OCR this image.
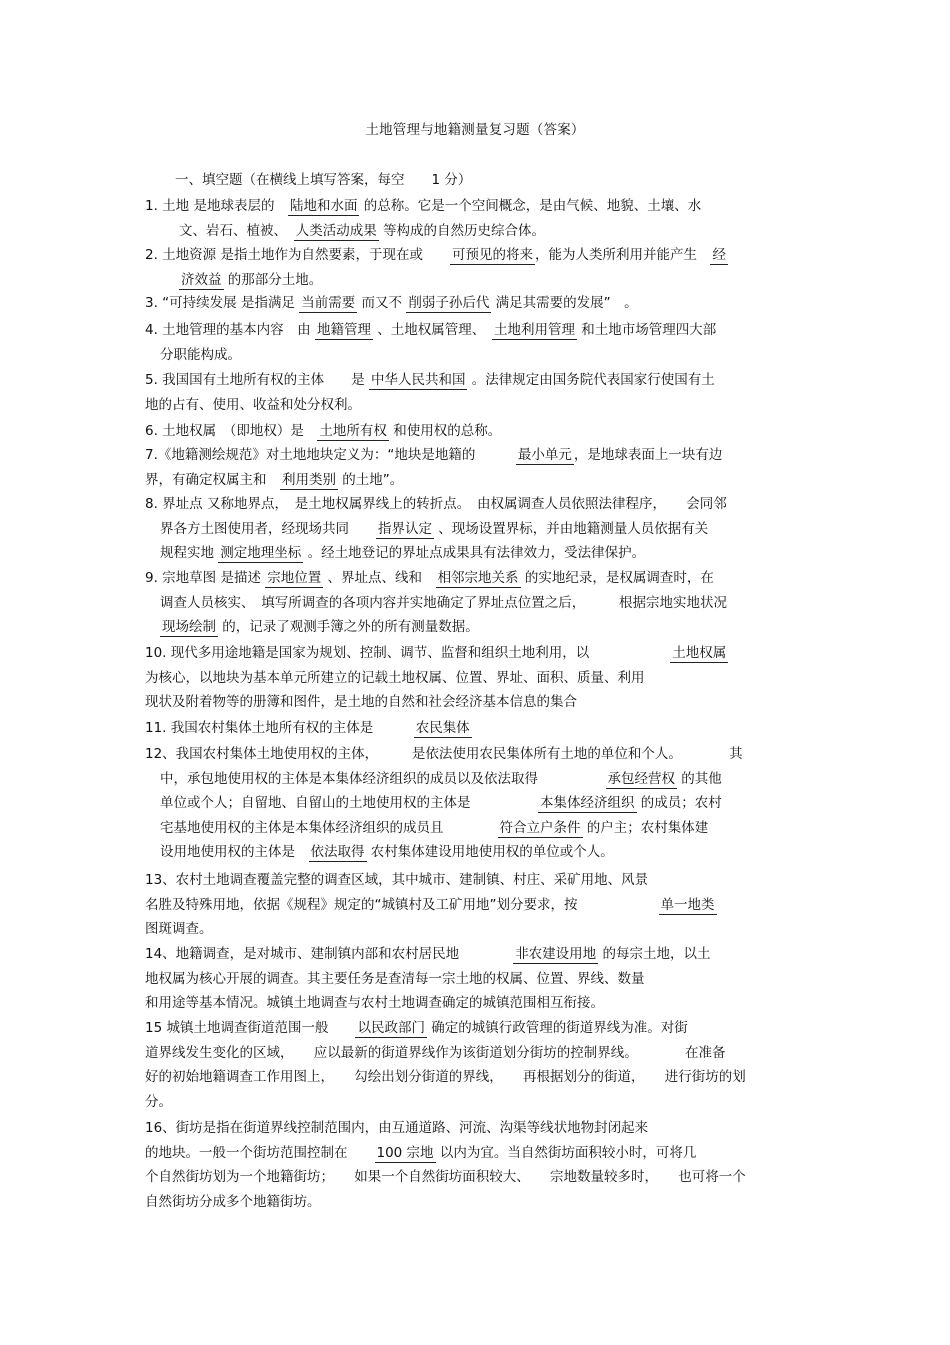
土地管理与地籍测量复习题（答案）
一、填空题（在横线上填写答案，每空　　1 分）
1. 土地 是地球表层的　陆地和水面 的总称。它是一个空间概念，是由气候、地貌、土壤、水
文、岩石、植被、　人类活动成果 等构成的自然历史综合体。
2. 土地资源 是指土地作为自然要素，于现在或　　可预见的将来 ，能为人类所利用并能产生　经
济效益 的那部分土地。
3. “可持续发展 是指满足 当前需要 而又不 削弱子孙后代 满足其需要的发展”　。
4. 土地管理的基本内容　由 地籍管理 、土地权属管理、　土地利用管理 和土地市场管理四大部
分职能构成。
5. 我国国有土地所有权的主体　　是 中华人民共和国 。法律规定由国务院代表国家行使国有土
地的占有、使用、收益和处分权利。
6. 土地权属　（即地权）是　土地所有权 和使用权的总称。
7.《地籍测绘规范》对土地地块定义为：“地块是地籍的　　　最小单元 ，是地球表面上一块有边
界，有确定权属主和　利用类别 的土地”。
8. 界址点 又称地界点，　是土地权属界线上的转折点。　由权属调查人员依照法律程序，　　会同邻
界各方土图使用者，经现场共同　　指界认定 、现场设置界标，并由地籍测量人员依据有关
规程实地 测定地理坐标 。经土地登记的界址点成果具有法律效力，受法律保护。
9. 宗地草图 是描述 宗地位置 、界址点、线和　相邻宗地关系 的实地纪录，是权属调查时，在
调查人员核实、　填写所调查的各项内容并实地确定了界址点位置之后，　　　根据宗地实地状况
现场绘制 的，记录了观测手簿之外的所有测量数据。
10. 现代多用途地籍是国家为规划、控制、调节、监督和组织土地利用，以　　　　　　土地权属
为核心，以地块为基本单元所建立的记载土地权属、位置、界址、面积、质量、利用
现状及附着物等的册簿和图件，是土地的自然和社会经济基本信息的集合
11. 我国农村集体土地所有权的主体是　　　农民集体
12、我国农村集体土地使用权的主体，　　　是依法使用农民集体所有土地的单位和个人。　　　　其
中，承包地使用权的主体是本集体经济组织的成员以及依法取得　　　　　承包经营权 的其他
单位或个人；自留地、自留山的土地使用权的主体是　　　　　本集体经济组织 的成员；农村
宅基地使用权的主体是本集体经济组织的成员且　　　　符合立户条件 的户主；农村集体建
设用地使用权的主体是　依法取得 农村集体建设用地使用权的单位或个人。
13、农村土地调查覆盖完整的调查区域，其中城市、建制镇、村庄、采矿用地、风景
名胜及特殊用地，依据《规程》规定的“城镇村及工矿用地”划分要求，按　　　　　　单一地类
图斑调查。
14、地籍调查，是对城市、建制镇内部和农村居民地　　　　非农建设用地 的每宗土地，以土
地权属为核心开展的调查。其主要任务是查清每一宗土地的权属、位置、界线、数量
和用途等基本情况。城镇土地调查与农村土地调查确定的城镇范围相互衔接。
15 城镇土地调查街道范围一般　　以民政部门 确定的城镇行政管理的街道界线为准。对街
道界线发生变化的区域，　　应以最新的街道界线作为该街道划分街坊的控制界线。　　　　在准备
好的初始地籍调查工作用图上，　　勾绘出划分街道的界线，　　再根据划分的街道，　　进行街坊的划
分。
16、街坊是指在街道界线控制范围内，由互通道路、河流、沟渠等线状地物封闭起来
的地块。一般一个街坊范围控制在　　100 宗地 以内为宜。当自然街坊面积较小时，可将几
个自然街坊划为一个地籍街坊；　　如果一个自然街坊面积较大、　　宗地数量较多时，　　也可将一个
自然街坊分成多个地籍街坊。
